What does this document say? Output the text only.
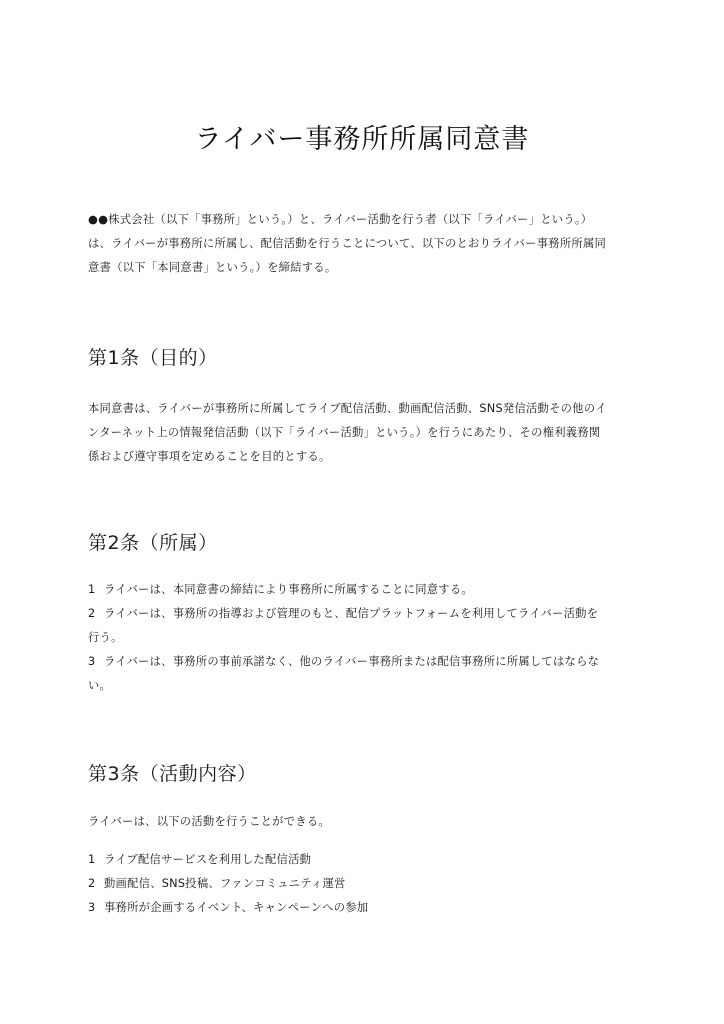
ライバー事務所所属同意書
●●株式会社（以下「事務所」という。）と、ライバー活動を行う者（以下「ライバー」という。）
は、ライバーが事務所に所属し、配信活動を行うことについて、以下のとおりライバー事務所所属同
意書（以下「本同意書」という。）を締結する。
第1条（目的）
本同意書は、ライバーが事務所に所属してライブ配信活動、動画配信活動、SNS発信活動その他のイ
ンターネット上の情報発信活動（以下「ライバー活動」という。）を行うにあたり、その権利義務関
係および遵守事項を定めることを目的とする。
第2条（所属）
1 ライバーは、本同意書の締結により事務所に所属することに同意する。
2 ライバーは、事務所の指導および管理のもと、配信プラットフォームを利用してライバー活動を
行う。
3 ライバーは、事務所の事前承諾なく、他のライバー事務所または配信事務所に所属してはならな
い。
第3条（活動内容）
ライバーは、以下の活動を行うことができる。
1 ライブ配信サービスを利用した配信活動
2 動画配信、SNS投稿、ファンコミュニティ運営
3 事務所が企画するイベント、キャンペーンへの参加
